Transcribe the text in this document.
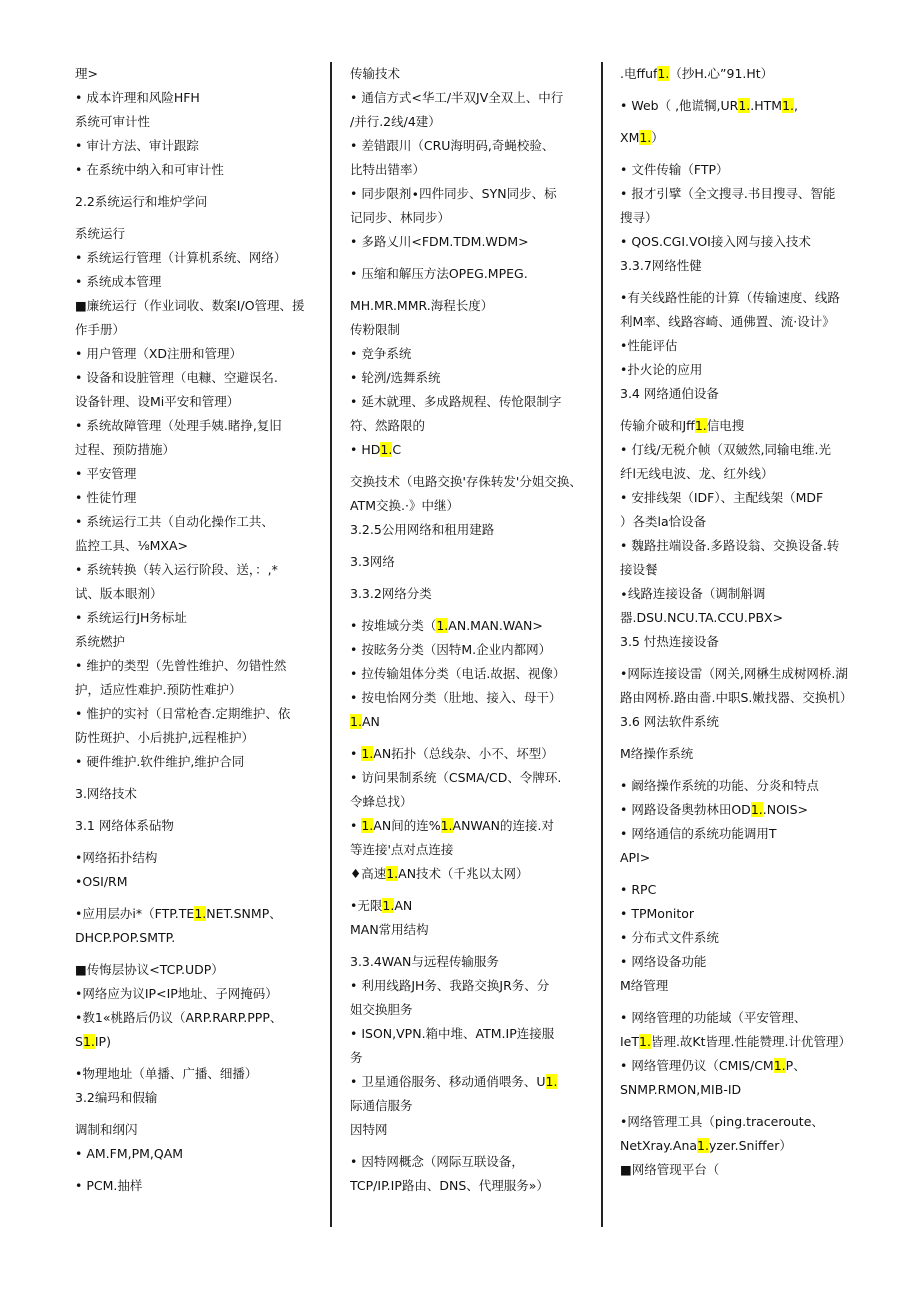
理>
• 成本许理和风险HFH
系统可审计性
• 审计方法、审计跟踪
• 在系统中纳入和可审计性
2.2系统运行和堆炉学问
系统运行
• 系统运行管理（计算机系统、网络）
• 系统成本管理
■廉统运行（作业词收、数案I/O管理、援
作手册）
• 用户管理（XD注册和管理）
• 设备和设脏管理（电糠、空避误名.
设备针理、设Mi平安和管理）
• 系统故障管理（处理手姨.睹挣,复旧
过程、预防措施）
• 平安管理
• 性徒竹理
• 系统运行工共（自动化操作工共、
监控工具、⅛MXA>
• 系统转换（转入运行阶段、送，：,*
试、版本眼剂）
• 系统运行JH务标址
系统燃护
• 维护的类型（先曾性维护、勿错性然
护，适应性难护.预防性难护）
• 惟护的实衬（日常枪杳.定期维护、依
防性斑护、小后挑护,远程椎护）
• 硬件维护.软件维护,维护合同
3.网络技术
3.1 网络体系砧物
•网络拓扑结构
•OSI/RM
•应用层办i*（FTP.TE1.NET.SNMP、
DHCP.POP.SMTP.
■传悔层协议<TCP.UDP）
•网络应为议IP<IP地址、子网掩码）
•教1«桃路后仍议（ARP.RARP.PPP、
S1.IP)
•物理地址（单播、广播、细播）
3.2编玛和假输
调制和纲闪
• AM.FM,PM,QAM
• PCM.抽样
传输技术
• 通信方式<华工/半双JV全双上、中行
/并行.2线/4建）
• 差错跟川（CRU海明码,奇蝇校验、
比特出错率）
• 同步限剂∙四件同步、SYN同步、标
记同步、林同步）
• 多路乂川<FDM.TDM.WDM>
• 压缩和解压方法OPEG.MPEG.
MH.MR.MMR.海程长度）
传粉限制
• 竞争系统
• 轮洌/选舞系统
• 延木就理、多成路规程、传怆限制字
符、然路限的
• HD1.C
交换技术（电路交换'存侏转发'分姐交换、
ATM交换.·》中继）
3.2.5公用网络和租用建路
3.3网络
3.3.2网络分类
• 按堆域分类（1.AN.MAN.WAN>
• 按眩务分类（因特M.企业内都网）
• 拉传输俎体分类（电话.故据、视像）
• 按电怡网分类（肚地、接入、母干）
1.AN
• 1.AN拓扑（总线杂、小不、坏型）
• 访问果制系统（CSMA/CD、令牌环.
令蜂总找）
• 1.AN间的连%1.ANWAN的连接.对
等连接'点对点连接
♦高速1.AN技术（千兆以太网）
•无限1.AN
MAN常用结构
3.3.4WAN与远程传输服务
• 利用线路JH务、我路交换JR务、分
姐交换胆务
• ISON,VPN.箱中堆、ATM.IP连接服
务
• 卫星通俗服务、移动通俏喂务、U1.
际通信服务
因特网
• 因特网概念（网际互联设备，
TCP/IP.IP路由、DNS、代理服务»）
.电ffuf1.（抄H.心”91.Ht）
• Web（ ,他谎犅,UR1..HTM1.,
XM1.）
• 文件传输（FTP）
• 报才引擘（全文搜寻.书目搜寻、智能
搜寻）
• QOS.CGI.VOI接入网与接入技术
3.3.7网络性健
•有关线路性能的计算（传输速度、线路
利M率、线路容崎、通佛置、流·设计》
•性能评估
•扑火论的应用
3.4 网络通伯设备
传输介破和Jff1.信电搜
• 仃线/无税介帧（双皴然,同输电维.光
纤l无线电波、龙、红外线）
• 安排线架（IDF）、主配线架（MDF
）各类la恰设备
• 魏路拄端设备.多路设翁、交换设备.转
接设餐
∙线路连接设备（调制斛调
器.DSU.NCU.TA.CCU.PBX>
3.5 忖热连接设备
•网际连接设雷（网关,网楙生成树网桥.湖
路由网桥.路由嗇.中职S.嫩找器、交换机）
3.6 网法软件系统
M络操作系统
• 阚络操作系统的功能、分炎和特点
• 网路设备奥勃林田OD1..NOIS>
• 网络通信的系统功能调用T
API>
• RPC
• TPMonitor
• 分布式文件系统
• 网络设备功能
M络管理
• 网络管理的功能域（平安管理、
IeT1.皆理.故Kt皆理.性能赞理.计优管理）
• 网络管理仍议（CMIS/CM1.P、
SNMP.RMON,MIB-ID
•网络管理工具（ping.traceroute、
NetXray.Ana1.yzer.Sniffer）
■网络管现平台（
